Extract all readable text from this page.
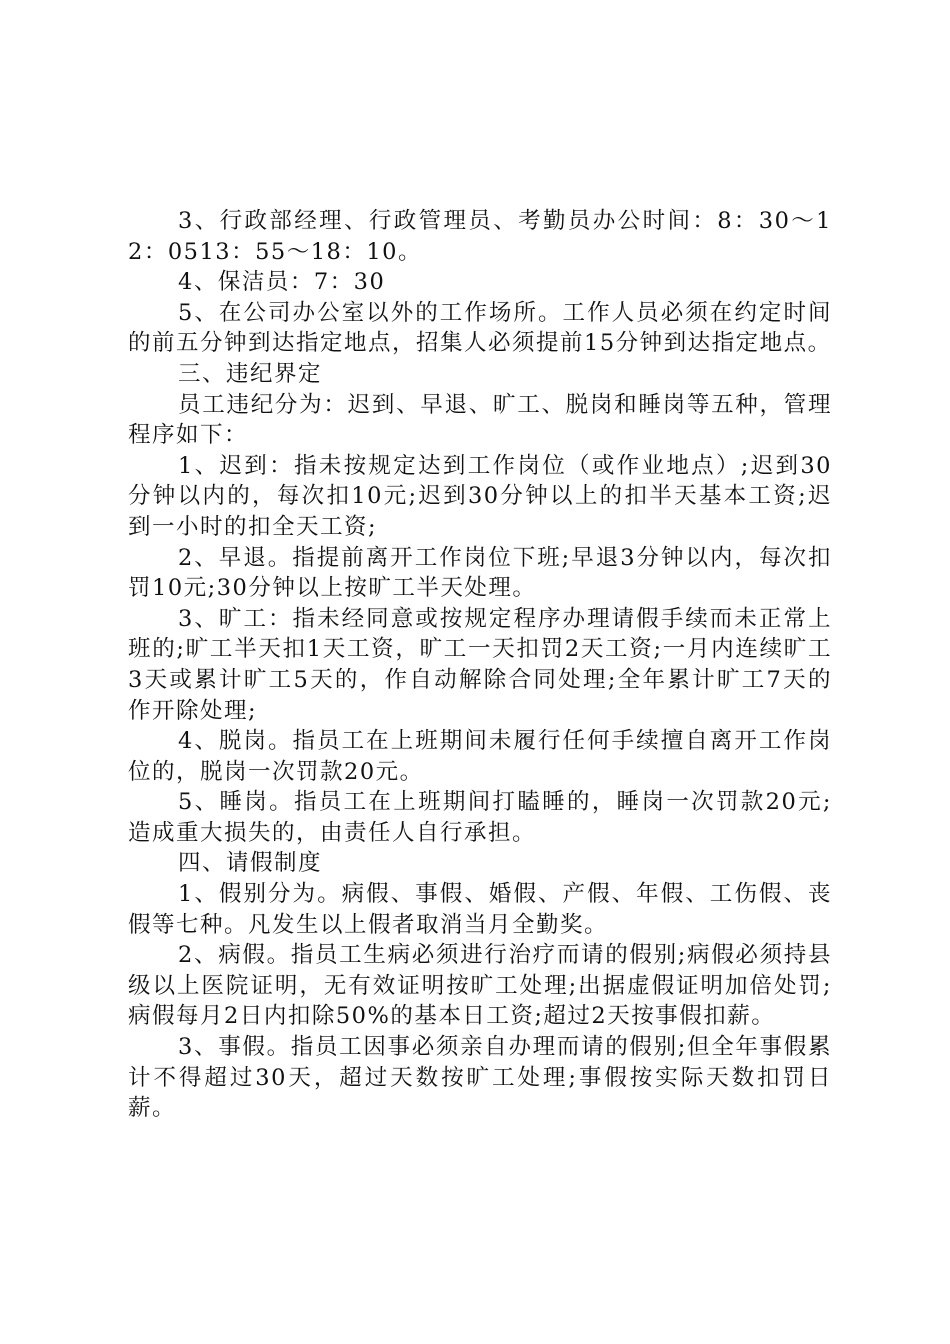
3、行政部经理、行政管理员、考勤员办公时间：8：30～12：0513：55～18：10。

4、保洁员：7：30

5、在公司办公室以外的工作场所。工作人员必须在约定时间的前五分钟到达指定地点，招集人必须提前15分钟到达指定地点。

三、违纪界定

员工违纪分为：迟到、早退、旷工、脱岗和睡岗等五种，管理程序如下：

1、迟到：指未按规定达到工作岗位（或作业地点）;迟到30分钟以内的，每次扣10元;迟到30分钟以上的扣半天基本工资;迟到一小时的扣全天工资;

2、早退。指提前离开工作岗位下班;早退3分钟以内，每次扣罚10元;30分钟以上按旷工半天处理。

3、旷工：指未经同意或按规定程序办理请假手续而未正常上班的;旷工半天扣1天工资，旷工一天扣罚2天工资;一月内连续旷工3天或累计旷工5天的，作自动解除合同处理;全年累计旷工7天的作开除处理;

4、脱岗。指员工在上班期间未履行任何手续擅自离开工作岗位的，脱岗一次罚款20元。

5、睡岗。指员工在上班期间打瞌睡的，睡岗一次罚款20元;造成重大损失的，由责任人自行承担。

四、请假制度

1、假别分为。病假、事假、婚假、产假、年假、工伤假、丧假等七种。凡发生以上假者取消当月全勤奖。

2、病假。指员工生病必须进行治疗而请的假别;病假必须持县级以上医院证明，无有效证明按旷工处理;出据虚假证明加倍处罚;病假每月2日内扣除50%的基本日工资;超过2天按事假扣薪。

3、事假。指员工因事必须亲自办理而请的假别;但全年事假累计不得超过30天，超过天数按旷工处理;事假按实际天数扣罚日薪。
